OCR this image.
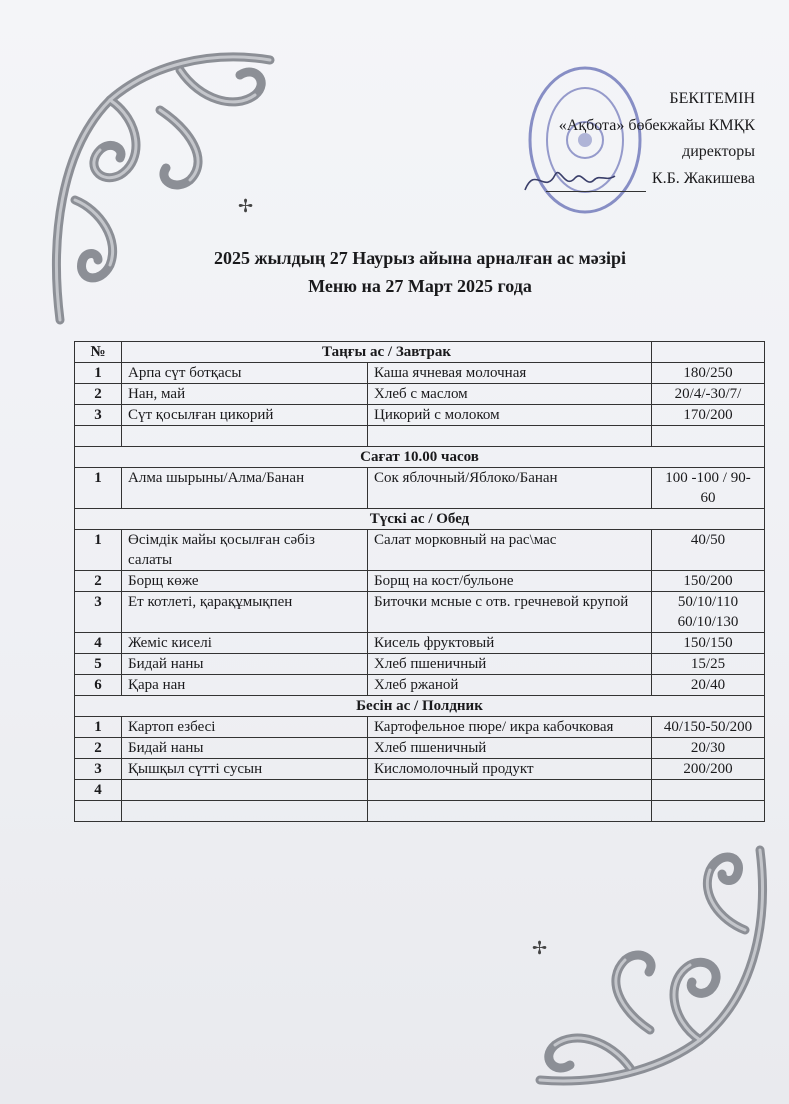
✢
✢
БЕКІТЕМІН
«Ақбота» бөбекжайы КМҚК
директоры
К.Б. Жакишева
2025 жылдың 27 Наурыз айына арналған ас мәзірі
Меню на 27 Март 2025 года
№	Таңғы ас / Завтрак		
1	Арпа сүт ботқасы	Каша ячневая молочная	180/250
2	Нан, май	Хлеб с маслом	20/4/-30/7/
3	Сүт қосылған цикорий	Цикорий с молоком	170/200

Сағат 10.00 часов			
1	Алма шырыны/Алма/Банан	Сок яблочный/Яблоко/Банан	100 -100 / 90-60
Түскі ас / Обед			
1	Өсімдік майы қосылған сәбіз салаты	Салат морковный на рас\мас	40/50
2	Борщ көже	Борщ на кост/бульоне	150/200
3	Ет котлеті, қарақұмықпен	Биточки мсные с отв. гречневой крупой	50/10/110 60/10/130
4	Жеміс киселі	Кисель фруктовый	150/150
5	Бидай наны	Хлеб пшеничный	15/25
6	Қара нан	Хлеб ржаной	20/40
Бесін ас / Полдник			
1	Картоп езбесі	Картофельное пюре/ икра кабочковая	40/150-50/200
2	Бидай наны	Хлеб пшеничный	20/30
3	Қышқыл сүтті сусын	Кисломолочный продукт	200/200
4			
